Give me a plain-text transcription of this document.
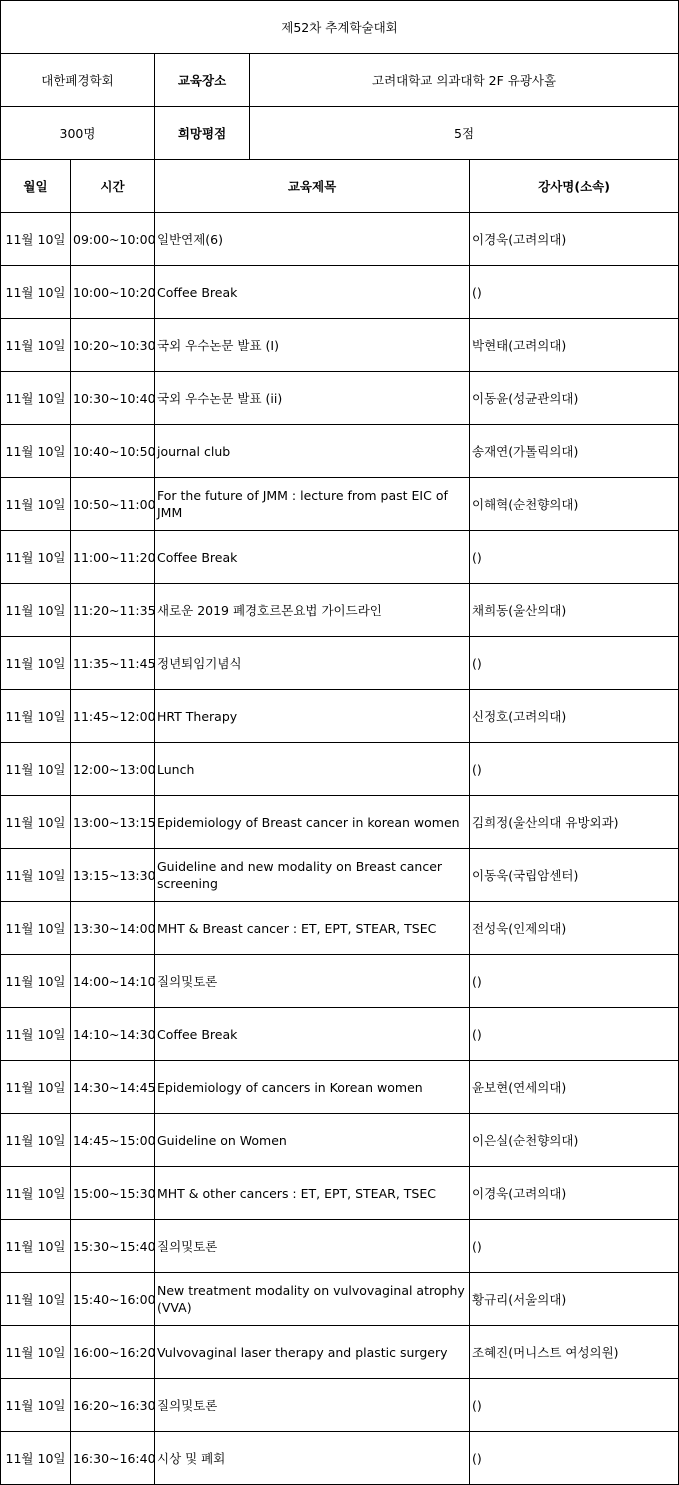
제52차 추계학술대회				
대한폐경학회		교육장소	고려대학교 의과대학 2F 유광사홀	
300명		희망평점	5점	
월일	시간	교육제목		강사명(소속)
11월 10일	09:00~10:00	일반연제(6)		이경욱(고려의대)
11월 10일	10:00~10:20	Coffee Break		()
11월 10일	10:20~10:30	국외 우수논문 발표 (I)		박현태(고려의대)
11월 10일	10:30~10:40	국외 우수논문 발표 (ii)		이동윤(성균관의대)
11월 10일	10:40~10:50	journal club		송재연(가톨릭의대)
11월 10일	10:50~11:00	For the future of JMM : lecture from past EIC of JMM		이해혁(순천향의대)
11월 10일	11:00~11:20	Coffee Break		()
11월 10일	11:20~11:35	새로운 2019 폐경호르몬요법 가이드라인		채희동(울산의대)
11월 10일	11:35~11:45	정년퇴임기념식		()
11월 10일	11:45~12:00	HRT Therapy		신정호(고려의대)
11월 10일	12:00~13:00	Lunch		()
11월 10일	13:00~13:15	Epidemiology of Breast cancer in korean women		김희정(울산의대 유방외과)
11월 10일	13:15~13:30	Guideline and new modality on Breast cancer screening		이동욱(국립암센터)
11월 10일	13:30~14:00	MHT & Breast cancer : ET, EPT, STEAR, TSEC		전성욱(인제의대)
11월 10일	14:00~14:10	질의및토론		()
11월 10일	14:10~14:30	Coffee Break		()
11월 10일	14:30~14:45	Epidemiology of cancers in Korean women		윤보현(연세의대)
11월 10일	14:45~15:00	Guideline on Women		이은실(순천향의대)
11월 10일	15:00~15:30	MHT & other cancers : ET, EPT, STEAR, TSEC		이경욱(고려의대)
11월 10일	15:30~15:40	질의및토론		()
11월 10일	15:40~16:00	New treatment modality on vulvovaginal atrophy (VVA)		황규리(서울의대)
11월 10일	16:00~16:20	Vulvovaginal laser therapy and plastic surgery		조혜진(머니스트 여성의원)
11월 10일	16:20~16:30	질의및토론		()
11월 10일	16:30~16:40	시상 및 폐회		()
